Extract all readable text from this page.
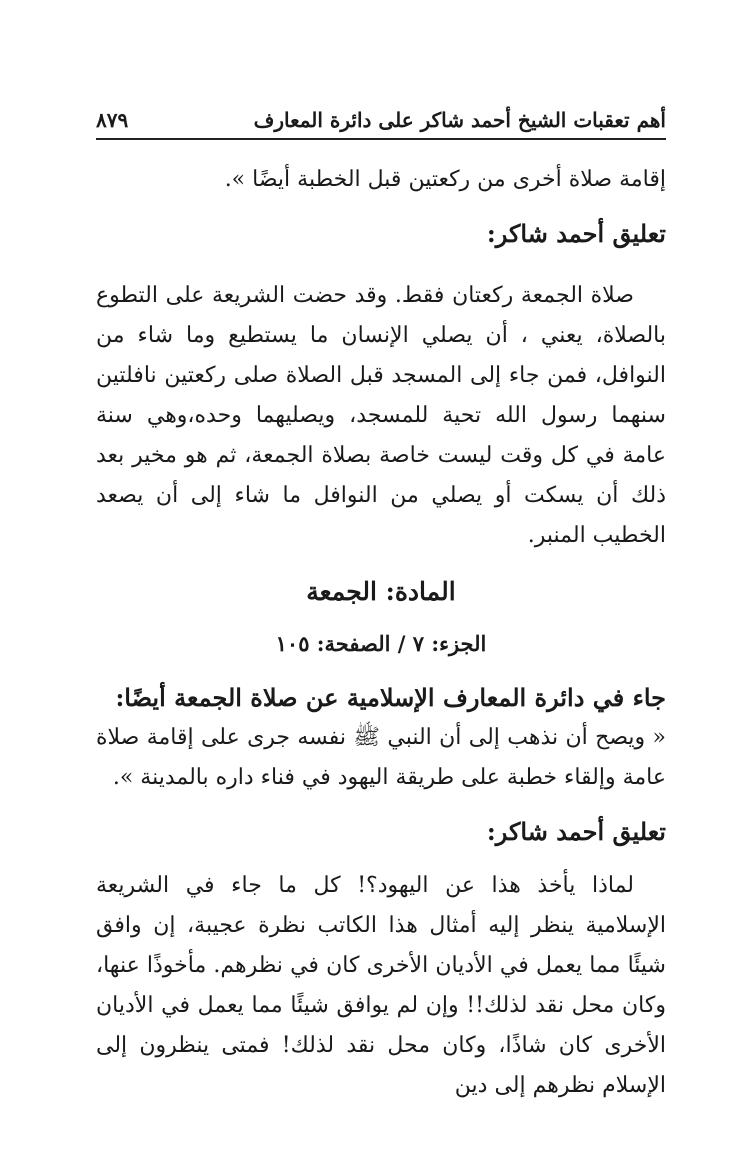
أهم تعقبات الشيخ أحمد شاكر على دائرة المعارف
٨٧٩

إقامة صلاة أخرى من ركعتين قبل الخطبة أيضًا ».

تعليق أحمد شاكر:

صلاة الجمعة ركعتان فقط. وقد حضت الشريعة على التطوع بالصلاة، يعني ، أن يصلي الإنسان ما يستطيع وما شاء من النوافل، فمن جاء إلى المسجد قبل الصلاة صلى ركعتين نافلتين سنهما رسول الله تحية للمسجد، ويصليهما وحده،وهي سنة عامة في كل وقت ليست خاصة بصلاة الجمعة، ثم هو مخير بعد ذلك أن يسكت أو يصلي من النوافل ما شاء إلى أن يصعد الخطيب المنبر.

المادة: الجمعة

الجزء: ٧ / الصفحة: ١٠٥

جاء في دائرة المعارف الإسلامية عن صلاة الجمعة أيضًا:

« ويصح أن نذهب إلى أن النبي ﷺ نفسه جرى على إقامة صلاة عامة وإلقاء خطبة على طريقة اليهود في فناء داره بالمدينة ».

تعليق أحمد شاكر:

لماذا يأخذ هذا عن اليهود؟! كل ما جاء في الشريعة الإسلامية ينظر إليه أمثال هذا الكاتب نظرة عجيبة، إن وافق شيئًا مما يعمل في الأديان الأخرى كان في نظرهم. مأخوذًا عنها، وكان محل نقد لذلك!! وإن لم يوافق شيئًا مما يعمل في الأديان الأخرى كان شاذًا، وكان محل نقد لذلك! فمتى ينظرون إلى الإسلام نظرهم إلى دين
